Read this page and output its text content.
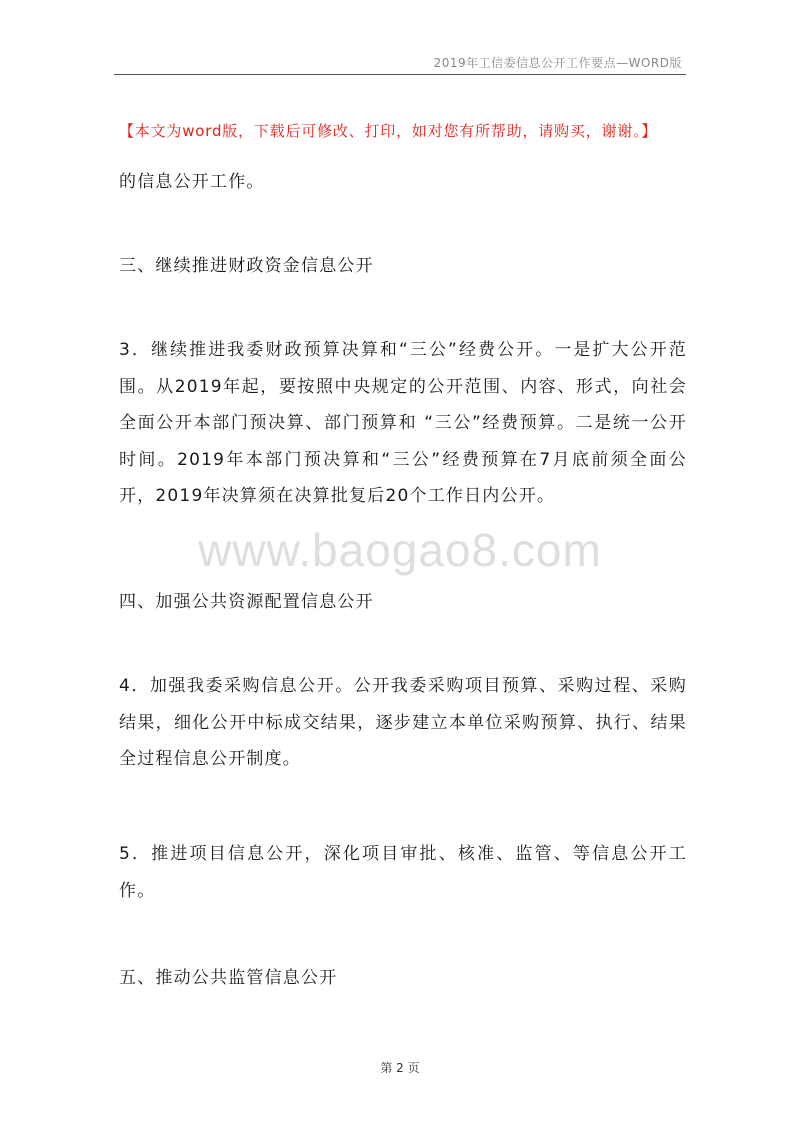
2019年工信委信息公开工作要点—WORD版
【本文为word版，下载后可修改、打印，如对您有所帮助，请购买，谢谢。】

的信息公开工作。

三、继续推进财政资金信息公开

3．继续推进我委财政预算决算和“三公”经费公开。一是扩大公开范围。从2019年起，要按照中央规定的公开范围、内容、形式，向社会全面公开本部门预决算、部门预算和 “三公”经费预算。二是统一公开时间。2019年本部门预决算和“三公”经费预算在7月底前须全面公开，2019年决算须在决算批复后20个工作日内公开。

www.baogao8.com

四、加强公共资源配置信息公开

4．加强我委采购信息公开。公开我委采购项目预算、采购过程、采购结果，细化公开中标成交结果，逐步建立本单位采购预算、执行、结果全过程信息公开制度。

5．推进项目信息公开，深化项目审批、核准、监管、等信息公开工作。

五、推动公共监管信息公开

第 2 页
